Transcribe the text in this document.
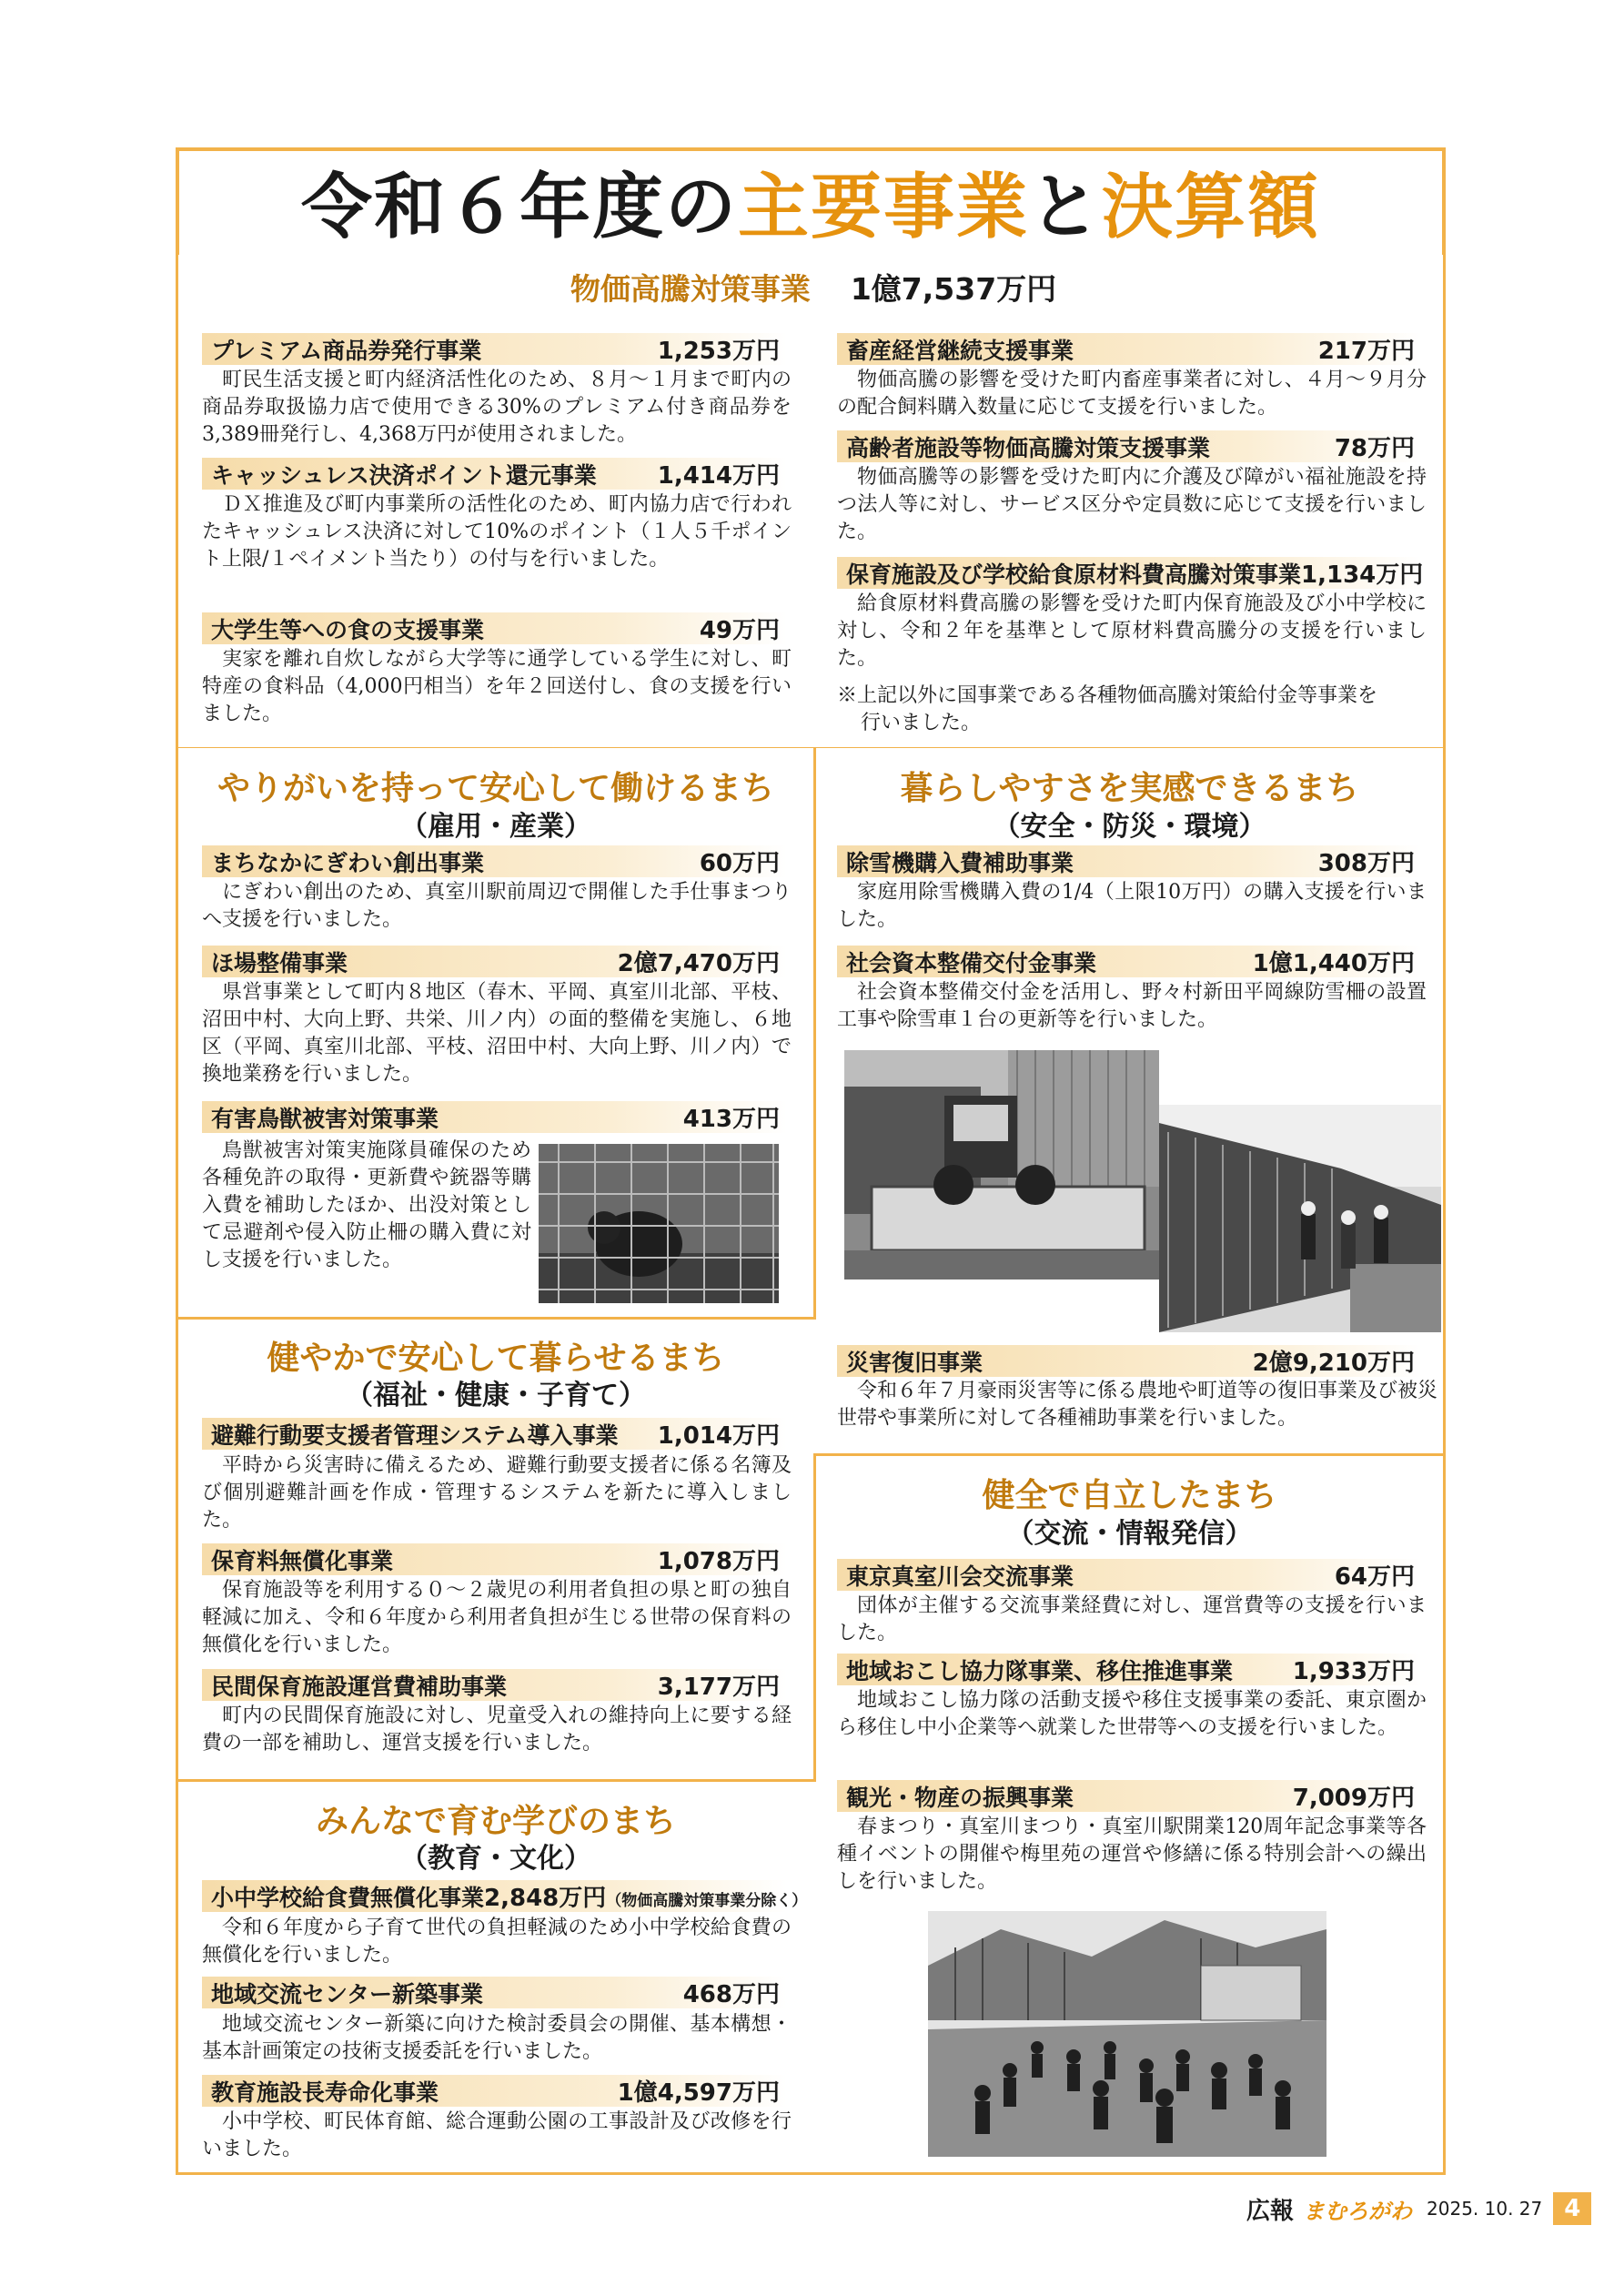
令和６年度の主要事業と決算額
物価高騰対策事業 1億7,537万円
プレミアム商品券発行事業	1,253万円
町民生活支援と町内経済活性化のため、８月～１月まで町内の商品券取扱協力店で使用できる30%のプレミアム付き商品券を3,389冊発行し、4,368万円が使用されました。
キャッシュレス決済ポイント還元事業	1,414万円
ＤＸ推進及び町内事業所の活性化のため、町内協力店で行われたキャッシュレス決済に対して10%のポイント（１人５千ポイント上限/１ペイメント当たり）の付与を行いました。
大学生等への食の支援事業	49万円
実家を離れ自炊しながら大学等に通学している学生に対し、町特産の食料品（4,000円相当）を年２回送付し、食の支援を行いました。
畜産経営継続支援事業	217万円
物価高騰の影響を受けた町内畜産事業者に対し、４月～９月分の配合飼料購入数量に応じて支援を行いました。
高齢者施設等物価高騰対策支援事業	78万円
物価高騰等の影響を受けた町内に介護及び障がい福祉施設を持つ法人等に対し、サービス区分や定員数に応じて支援を行いました。
保育施設及び学校給食原材料費高騰対策事業 1,134万円
給食原材料費高騰の影響を受けた町内保育施設及び小中学校に対し、令和２年を基準として原材料費高騰分の支援を行いました。
※上記以外に国事業である各種物価高騰対策給付金等事業を
行いました。
やりがいを持って安心して働けるまち
（雇用・産業）
まちなかにぎわい創出事業	60万円
にぎわい創出のため、真室川駅前周辺で開催した手仕事まつりへ支援を行いました。
ほ場整備事業	2億7,470万円
県営事業として町内８地区（春木、平岡、真室川北部、平枝、沼田中村、大向上野、共栄、川ノ内）の面的整備を実施し、６地区（平岡、真室川北部、平枝、沼田中村、大向上野、川ノ内）で換地業務を行いました。
有害鳥獣被害対策事業	413万円
鳥獣被害対策実施隊員確保のため各種免許の取得・更新費や銃器等購入費を補助したほか、出没対策として忌避剤や侵入防止柵の購入費に対し支援を行いました。
暮らしやすさを実感できるまち
（安全・防災・環境）
除雪機購入費補助事業	308万円
家庭用除雪機購入費の1/4（上限10万円）の購入支援を行いました。
社会資本整備交付金事業	1億1,440万円
社会資本整備交付金を活用し、野々村新田平岡線防雪柵の設置工事や除雪車１台の更新等を行いました。
災害復旧事業	2億9,210万円
令和６年７月豪雨災害等に係る農地や町道等の復旧事業及び被災世帯や事業所に対して各種補助事業を行いました。
健やかで安心して暮らせるまち
（福祉・健康・子育て）
避難行動要支援者管理システム導入事業 1,014万円
平時から災害時に備えるため、避難行動要支援者に係る名簿及び個別避難計画を作成・管理するシステムを新たに導入しました。
保育料無償化事業	1,078万円
保育施設等を利用する０～２歳児の利用者負担の県と町の独自軽減に加え、令和６年度から利用者負担が生じる世帯の保育料の無償化を行いました。
民間保育施設運営費補助事業	3,177万円
町内の民間保育施設に対し、児童受入れの維持向上に要する経費の一部を補助し、運営支援を行いました。
健全で自立したまち
（交流・情報発信）
東京真室川会交流事業	64万円
団体が主催する交流事業経費に対し、運営費等の支援を行いました。
地域おこし協力隊事業、移住推進事業	1,933万円
地域おこし協力隊の活動支援や移住支援事業の委託、東京圏から移住し中小企業等へ就業した世帯等への支援を行いました。
観光・物産の振興事業	7,009万円
春まつり・真室川まつり・真室川駅開業120周年記念事業等各種イベントの開催や梅里苑の運営や修繕に係る特別会計への繰出しを行いました。
みんなで育む学びのまち
（教育・文化）
小中学校給食費無償化事業 2,848万円（物価高騰対策事業分除く）
令和６年度から子育て世代の負担軽減のため小中学校給食費の無償化を行いました。
地域交流センター新築事業	468万円
地域交流センター新築に向けた検討委員会の開催、基本構想・基本計画策定の技術支援委託を行いました。
教育施設長寿命化事業	1億4,597万円
小中学校、町民体育館、総合運動公園の工事設計及び改修を行いました。
広報 まむろがわ 2025. 10. 27 4
